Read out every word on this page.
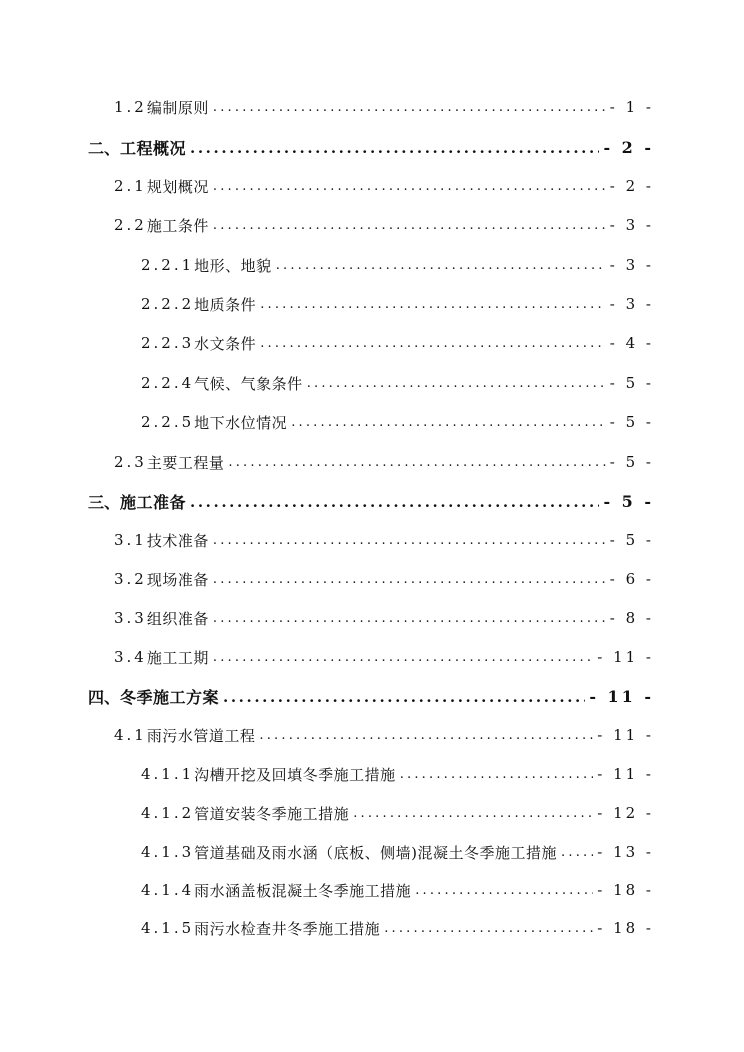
1.2 编制原则 .....	- 1 -
二、 工程概况 .....	- 2 -
2.1 规划概况 .....	- 2 -
2.2 施工条件 .....	- 3 -
2.2.1 地形、地貌 .....	- 3 -
2.2.2 地质条件 .....	- 3 -
2.2.3 水文条件 .....	- 4 -
2.2.4 气候、气象条件 .....	- 5 -
2.2.5 地下水位情况 .....	- 5 -
2.3 主要工程量 .....	- 5 -
三、 施工准备 .....	- 5 -
3.1 技术准备 .....	- 5 -
3.2 现场准备 .....	- 6 -
3.3 组织准备 .....	- 8 -
3.4 施工工期 .....	- 11 -
四、 冬季施工方案 .....	- 11 -
4.1 雨污水管道工程 .....	- 11 -
4.1.1 沟槽开挖及回填冬季施工措施 .....	- 11 -
4.1.2 管道安装冬季施工措施 .....	- 12 -
4.1.3 管道基础及雨水涵（底板、侧墙)混凝土冬季施工措施 .....	- 13 -
4.1.4 雨水涵盖板混凝土冬季施工措施 .....	- 18 -
4.1.5 雨污水检查井冬季施工措施 .....	- 18 -
